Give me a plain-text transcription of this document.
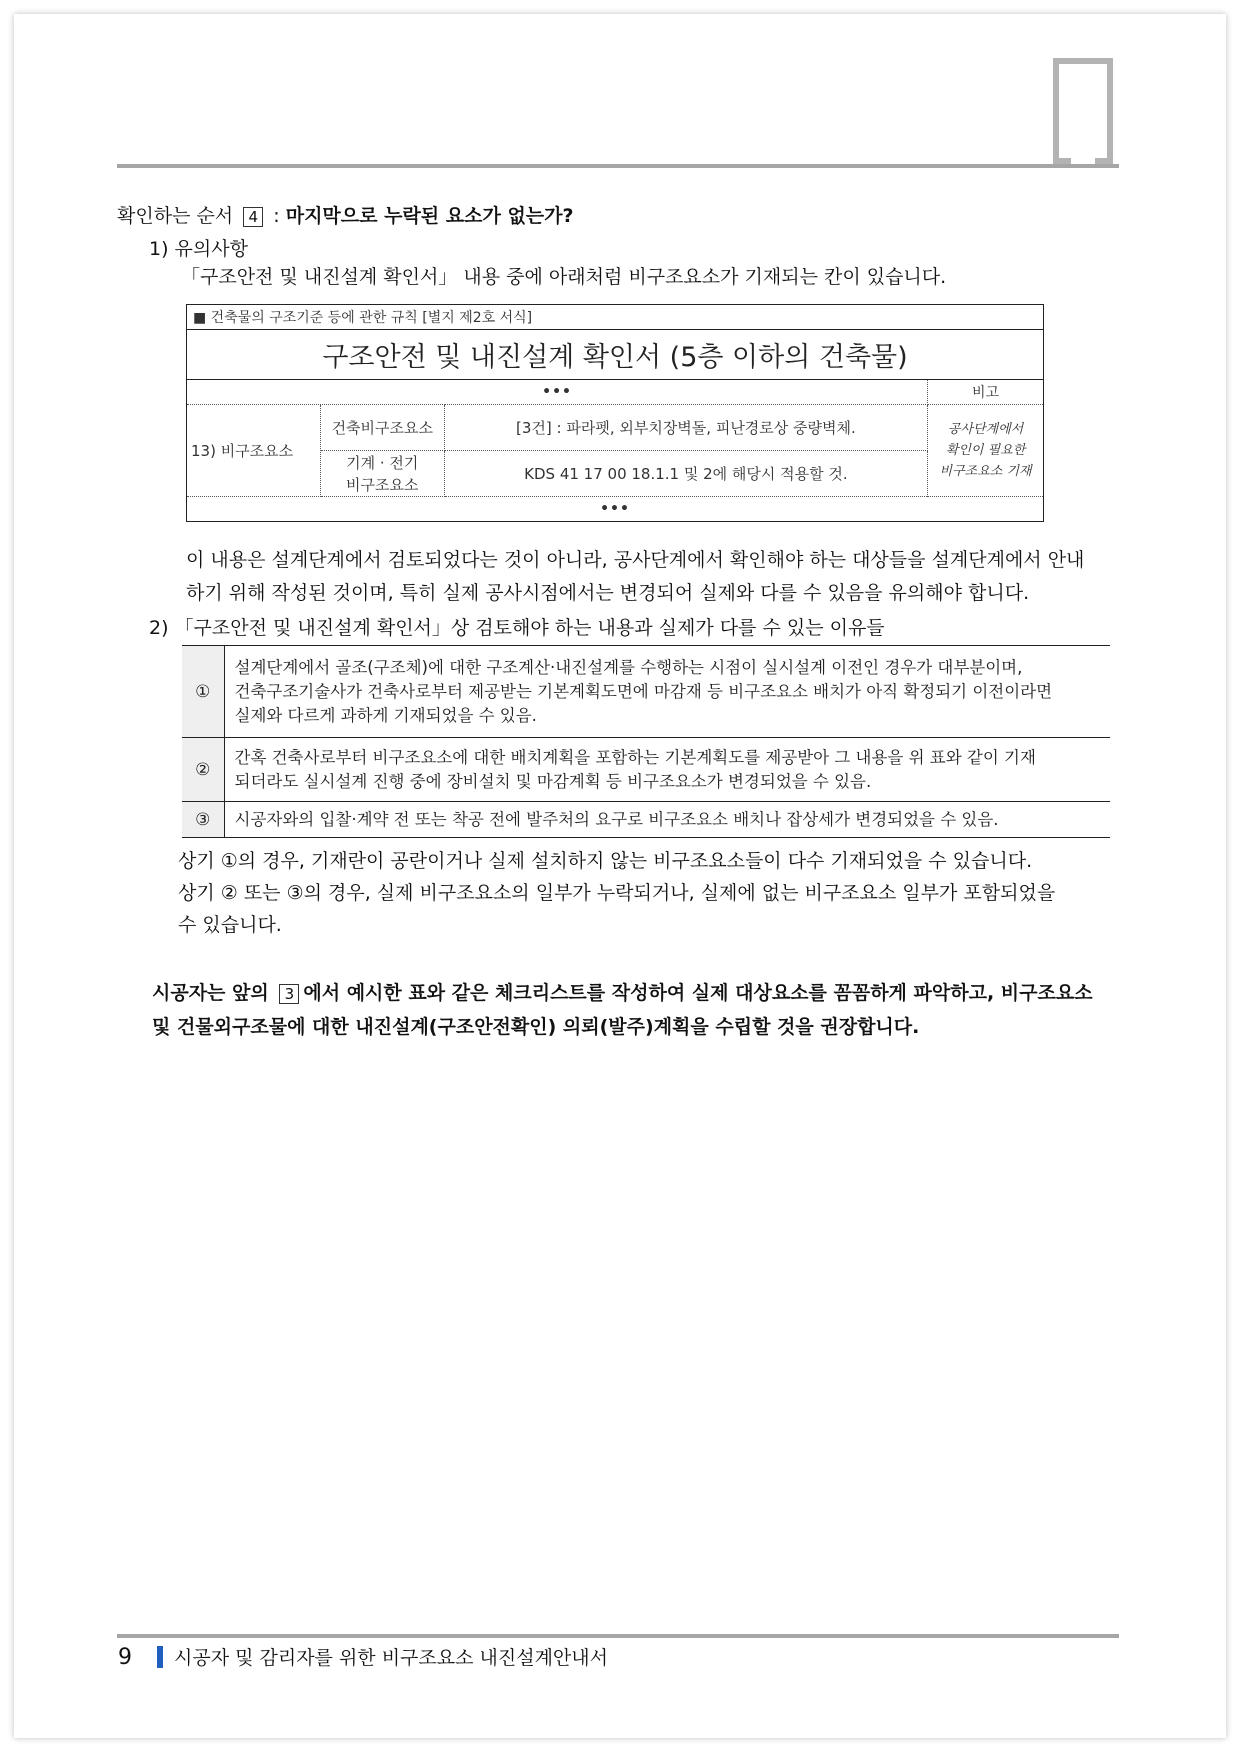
확인하는 순서 4 : 마지막으로 누락된 요소가 없는가?
1) 유의사항
「구조안전 및 내진설계 확인서」 내용 중에 아래처럼 비구조요소가 기재되는 칸이 있습니다.
■ 건축물의 구조기준 등에 관한 규칙 [별지 제2호 서식]			
구조안전 및 내진설계 확인서 (5층 이하의 건축물)			
•••			비고
13) 비구조요소	건축비구조요소	[3건] : 파라펫, 외부치장벽돌, 피난경로상 중량벽체.	공사단계에서
확인이 필요한
비구조요소 기재

	기계 · 전기
비구조요소	KDS 41 17 00 18.1.1 및 2에 해당시 적용할 것.	
•••			
이 내용은 설계단계에서 검토되었다는 것이 아니라, 공사단계에서 확인해야 하는 대상들을 설계단계에서 안내
하기 위해 작성된 것이며, 특히 실제 공사시점에서는 변경되어 실제와 다를 수 있음을 유의해야 합니다.
2) 「구조안전 및 내진설계 확인서」상 검토해야 하는 내용과 실제가 다를 수 있는 이유들
①	설계단계에서 골조(구조체)에 대한 구조계산·내진설계를 수행하는 시점이 실시설계 이전인 경우가 대부분이며,
건축구조기술사가 건축사로부터 제공받는 기본계획도면에 마감재 등 비구조요소 배치가 아직 확정되기 이전이라면
실제와 다르게 과하게 기재되었을 수 있음.

②	간혹 건축사로부터 비구조요소에 대한 배치계획을 포함하는 기본계획도를 제공받아 그 내용을 위 표와 같이 기재
되더라도 실시설계 진행 중에 장비설치 및 마감계획 등 비구조요소가 변경되었을 수 있음.

③	시공자와의 입찰·계약 전 또는 착공 전에 발주처의 요구로 비구조요소 배치나 잡상세가 변경되었을 수 있음.
상기 ①의 경우, 기재란이 공란이거나 실제 설치하지 않는 비구조요소들이 다수 기재되었을 수 있습니다.
상기 ② 또는 ③의 경우, 실제 비구조요소의 일부가 누락되거나, 실제에 없는 비구조요소 일부가 포함되었을
수 있습니다.
시공자는 앞의 3 에서 예시한 표와 같은 체크리스트를 작성하여 실제 대상요소를 꼼꼼하게 파악하고, 비구조요소
및 건물외구조물에 대한 내진설계(구조안전확인) 의뢰(발주)계획을 수립할 것을 권장합니다.
9 시공자 및 감리자를 위한 비구조요소 내진설계안내서
